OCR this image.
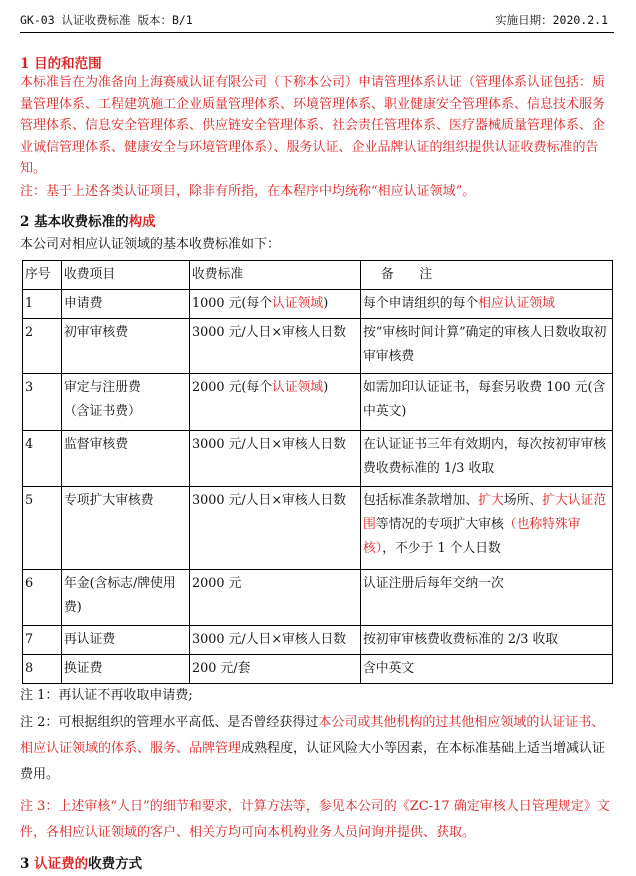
GK-03 认证收费标准 版本：B/1	实施日期：2020.2.1
1 目的和范围
本标准旨在为准备向上海赛威认证有限公司（下称本公司）申请管理体系认证（管理体系认证包括：质量管理体系、工程建筑施工企业质量管理体系、环境管理体系、职业健康安全管理体系、信息技术服务管理体系、信息安全管理体系、供应链安全管理体系、社会责任管理体系、医疗器械质量管理体系、企业诚信管理体系、健康安全与环境管理体系）、服务认证、企业品牌认证的组织提供认证收费标准的告知。
注：基于上述各类认证项目，除非有所指，在本程序中均统称“相应认证领域”。
2 基本收费标准的构成
本公司对相应认证领域的基本收费标准如下：
序号	收费项目	收费标准	备　　注
1	申请费	1000 元(每个认证领域)	每个申请组织的每个相应认证领域
2	初审审核费	3000 元/人日×审核人日数	按“审核时间计算”确定的审核人日数收取初审审核费
3	审定与注册费
（含证书费）	2000 元(每个认证领域)	如需加印认证证书，每套另收费 100 元(含中英文)
4	监督审核费	3000 元/人日×审核人日数	在认证证书三年有效期内，每次按初审审核费收费标准的 1/3 收取
5	专项扩大审核费	3000 元/人日×审核人日数	包括标准条款增加、扩大场所、扩大认证范围等情况的专项扩大审核（也称特殊审核），不少于 1 个人日数
6	年金(含标志/牌使用费)	2000 元	认证注册后每年交纳一次
7	再认证费	3000 元/人日×审核人日数	按初审审核费收费标准的 2/3 收取
8	换证费	200 元/套	含中英文
注 1：再认证不再收取申请费;
注 2：可根据组织的管理水平高低、是否曾经获得过本公司或其他机构的过其他相应领域的认证证书、相应认证领域的体系、服务、品牌管理成熟程度，认证风险大小等因素，在本标准基础上适当增减认证费用。
注 3：上述审核“人日”的细节和要求，计算方法等，参见本公司的《ZC-17 确定审核人日管理规定》文件，各相应认证领域的客户、相关方均可向本机构业务人员问询并提供、获取。
3 认证费的收费方式
